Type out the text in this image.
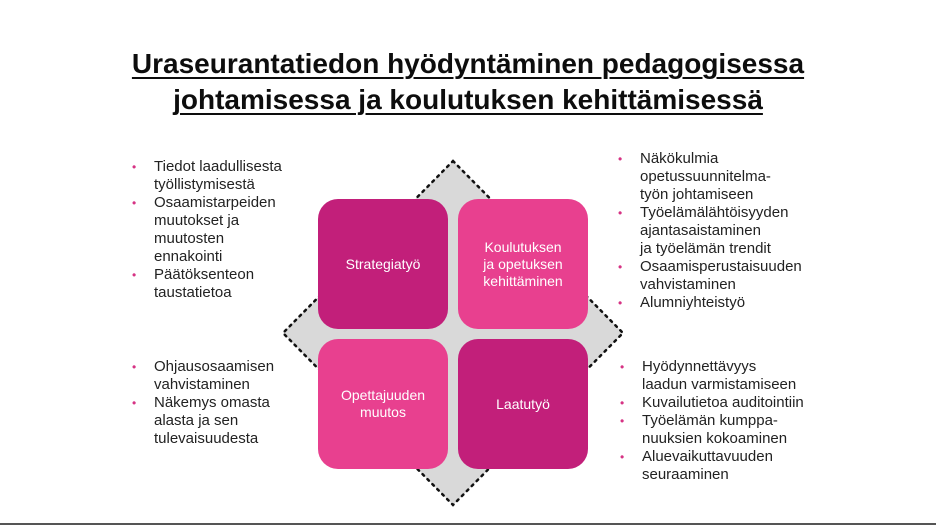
Uraseurantatiedon hyödyntäminen pedagogisessa
johtamisessa ja koulutuksen kehittämisessä
Strategiatyö
Koulutuksen
ja opetuksen
kehittäminen
Opettajuuden
muutos
Laatutyö
• Tiedot laadullisesta
työllistymisestä
• Osaamistarpeiden
muutokset ja
muutosten
ennakointi
• Päätöksenteon
taustatietoa
• Ohjausosaamisen
vahvistaminen
• Näkemys omasta
alasta ja sen
tulevaisuudesta
• Näkökulmia
opetussuunnitelma-
työn johtamiseen
• Työelämälähtöisyyden
ajantasaistaminen
ja työelämän trendit
• Osaamisperustaisuuden
vahvistaminen
• Alumniyhteistyö
• Hyödynnettävyys
laadun varmistamiseen
• Kuvailutietoa auditointiin
• Työelämän kumppa-
nuuksien kokoaminen
• Aluevaikuttavuuden
seuraaminen
